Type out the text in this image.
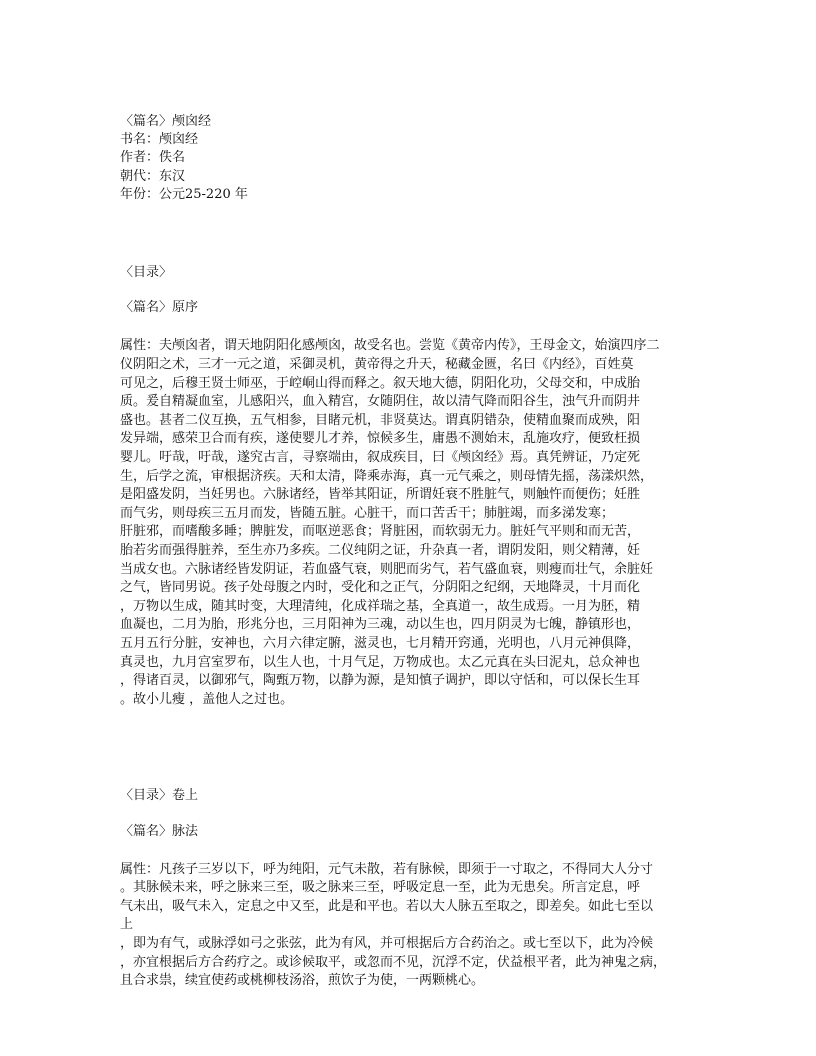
〈篇名〉颅囟经
书名：颅囟经
作者：佚名
朝代：东汉
年份：公元25-220 年
〈目录〉
〈篇名〉原序
属性：夫颅囟者，谓天地阴阳化感颅囟，故受名也。尝览《黄帝内传》，王母金文，始演四序二
仪阴阳之术，三才一元之道，采御灵机，黄帝得之升天，秘藏金匮，名曰《内经》，百姓莫
可见之，后穆王贤士师巫，于崆峒山得而释之。叙天地大德，阴阳化功，父母交和，中成胎
质。爰自精凝血室，儿感阳兴，血入精宫，女随阴住，故以清气降而阳谷生，浊气升而阴井
盛也。甚者二仪互换，五气相参，目睹元机，非贤莫达。谓真阴错杂，使精血聚而成殃，阳
发异端，感荣卫合而有疾，遂使婴儿才养，惊候多生，庸愚不测始末，乱施攻疗，便致枉损
婴儿。吁哉，吁哉，遂究古言，寻察端由，叙成疾目，曰《颅囟经》焉。真凭辨证，乃定死
生，后学之流，审根据济疾。天和太清，降乘赤海，真一元气乘之，则母情先摇，荡漾炽然，
是阳盛发阴，当妊男也。六脉诸经，皆举其阳证，所谓妊衰不胜脏气，则触忤而便伤；妊胜
而气劣，则母疾三五月而发，皆随五脏。心脏干，而口苦舌干；肺脏竭，而多涕发寒；
肝脏邪，而嗜酸多睡；脾脏发，而呕逆恶食；肾脏困，而软弱无力。脏妊气平则和而无苦，
胎若劣而强得脏养，至生亦乃多疾。二仪纯阴之证，升杂真一者，谓阴发阳，则父精薄，妊
当成女也。六脉诸经皆发阴证，若血盛气衰，则肥而劣气，若气盛血衰，则瘦而壮气，余脏妊
之气，皆同男说。孩子处母腹之内时，受化和之正气，分阴阳之纪纲，天地降灵，十月而化
，万物以生成，随其时变，大理清纯，化成祥瑞之基，全真道一，故生成焉。一月为胚，精
血凝也，二月为胎，形兆分也，三月阳神为三魂，动以生也，四月阴灵为七魄，静镇形也，
五月五行分脏，安神也，六月六律定腑，滋灵也，七月精开窍通，光明也，八月元神俱降，
真灵也，九月宫室罗布，以生人也，十月气足，万物成也。太乙元真在头曰泥丸，总众神也
，得诸百灵，以御邪气，陶甄万物，以静为源，是知慎子调护，即以守恬和，可以保长生耳
。故小儿瘦 ，盖他人之过也。
〈目录〉卷上
〈篇名〉脉法
属性：凡孩子三岁以下，呼为纯阳，元气未散，若有脉候，即须于一寸取之，不得同大人分寸
。其脉候未来，呼之脉来三至，吸之脉来三至，呼吸定息一至，此为无患矣。所言定息，呼
气未出，吸气未入，定息之中又至，此是和平也。若以大人脉五至取之，即差矣。如此七至以
上
，即为有气，或脉浮如弓之张弦，此为有风，并可根据后方合药治之。或七至以下，此为冷候
，亦宜根据后方合药疗之。或诊候取平，或忽而不见，沉浮不定，伏益根平者，此为神鬼之病，
且合求祟，续宜使药或桃柳枝汤浴，煎饮子为使，一两颗桃心。
